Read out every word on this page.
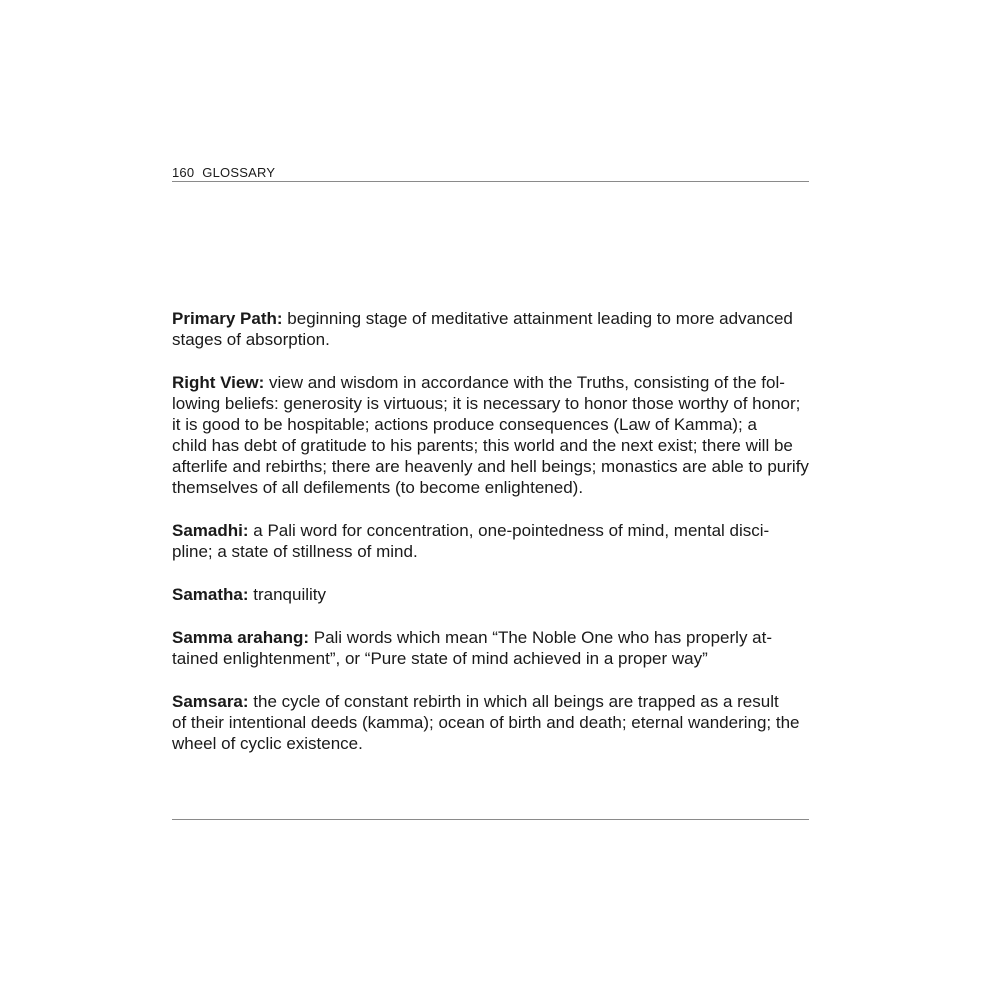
160 GLOSSARY
Primary Path: beginning stage of meditative attainment leading to more advanced
stages of absorption.
Right View: view and wisdom in accordance with the Truths, consisting of the fol-
lowing beliefs: generosity is virtuous; it is necessary to honor those worthy of honor;
it is good to be hospitable; actions produce consequences (Law of Kamma); a
child has debt of gratitude to his parents; this world and the next exist; there will be
afterlife and rebirths; there are heavenly and hell beings; monastics are able to purify
themselves of all defilements (to become enlightened).
Samadhi: a Pali word for concentration, one-pointedness of mind, mental disci-
pline; a state of stillness of mind.
Samatha: tranquility
Samma arahang: Pali words which mean “The Noble One who has properly at-
tained enlightenment”, or “Pure state of mind achieved in a proper way”
Samsara: the cycle of constant rebirth in which all beings are trapped as a result
of their intentional deeds (kamma); ocean of birth and death; eternal wandering; the
wheel of cyclic existence.
